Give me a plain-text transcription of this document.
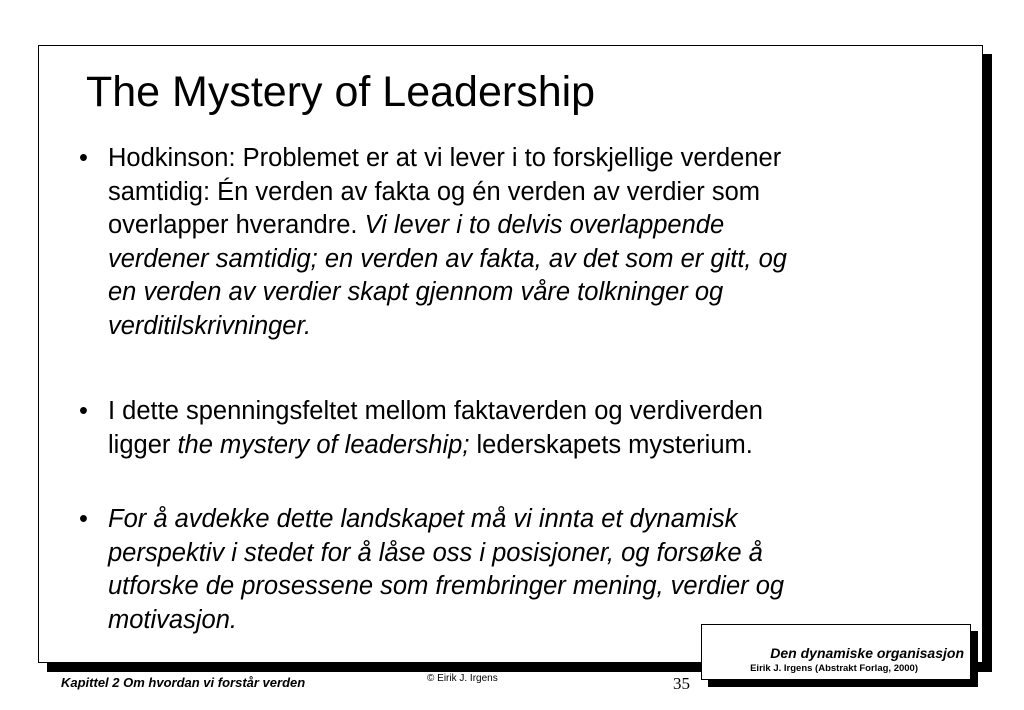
The Mystery of Leadership
• Hodkinson: Problemet er at vi lever i to forskjellige verdener
samtidig: Én verden av fakta og én verden av verdier som
overlapper hverandre. Vi lever i to delvis overlappende
verdener samtidig; en verden av fakta, av det som er gitt, og
en verden av verdier skapt gjennom våre tolkninger og
verditilskrivninger.
• I dette spenningsfeltet mellom faktaverden og verdiverden
ligger the mystery of leadership; lederskapets mysterium.
• For å avdekke dette landskapet må vi innta et dynamisk
perspektiv i stedet for å låse oss i posisjoner, og forsøke å
utforske de prosessene som frembringer mening, verdier og
motivasjon.
Den dynamiske organisasjon
Eirik J. Irgens (Abstrakt Forlag, 2000)
Kapittel 2 Om hvordan vi forstår verden	© Eirik J. Irgens	35
